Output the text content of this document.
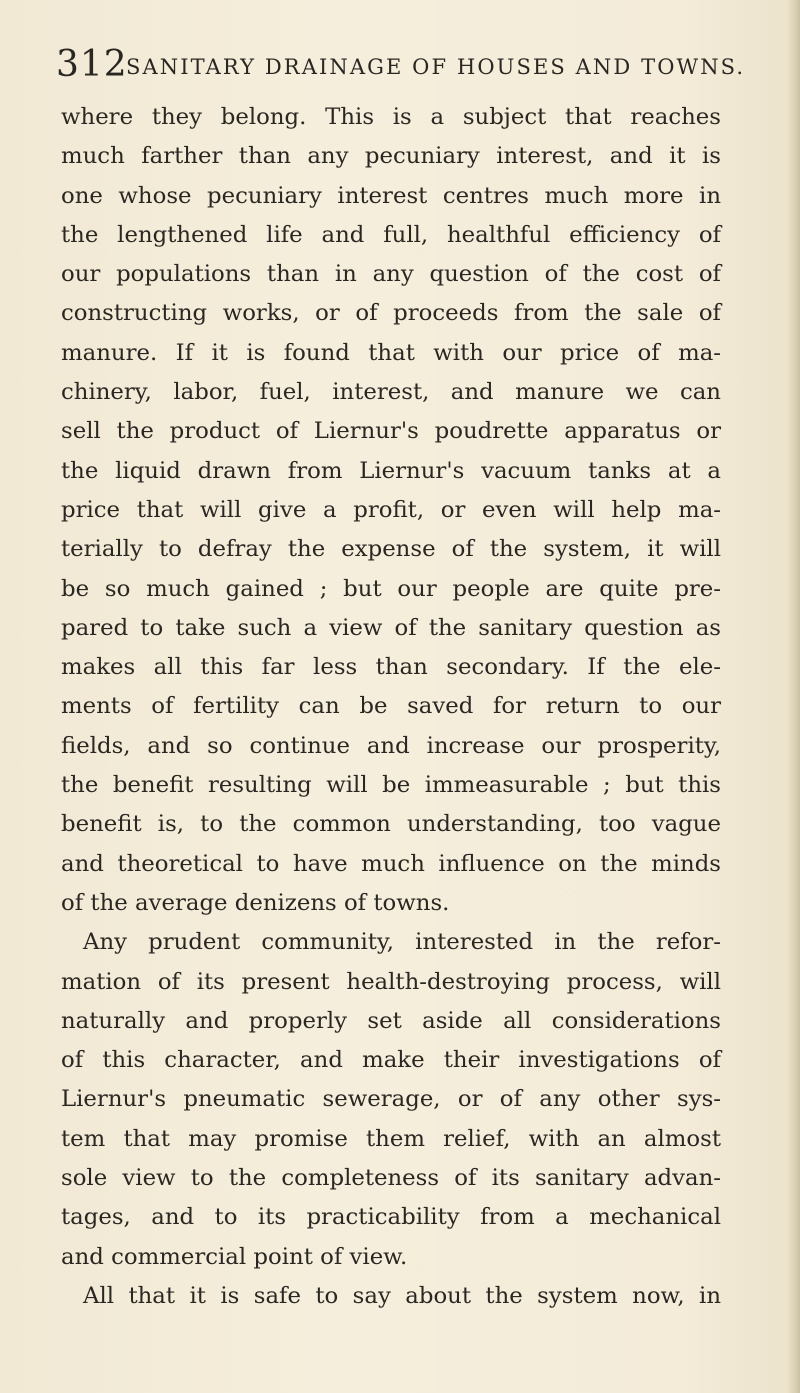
312
SANITARY DRAINAGE OF HOUSES AND TOWNS.
where they belong. This is a subject that reaches
much farther than any pecuniary interest, and it is
one whose pecuniary interest centres much more in
the lengthened life and full, healthful efficiency of
our populations than in any question of the cost of
constructing works, or of proceeds from the sale of
manure. If it is found that with our price of ma-
chinery, labor, fuel, interest, and manure we can
sell the product of Liernur's poudrette apparatus or
the liquid drawn from Liernur's vacuum tanks at a
price that will give a profit, or even will help ma-
terially to defray the expense of the system, it will
be so much gained ; but our people are quite pre-
pared to take such a view of the sanitary question as
makes all this far less than secondary. If the ele-
ments of fertility can be saved for return to our
fields, and so continue and increase our prosperity,
the benefit resulting will be immeasurable ; but this
benefit is, to the common understanding, too vague
and theoretical to have much influence on the minds
of the average denizens of towns.
Any prudent community, interested in the refor-
mation of its present health-destroying process, will
naturally and properly set aside all considerations
of this character, and make their investigations of
Liernur's pneumatic sewerage, or of any other sys-
tem that may promise them relief, with an almost
sole view to the completeness of its sanitary advan-
tages, and to its practicability from a mechanical
and commercial point of view.
All that it is safe to say about the system now, in
